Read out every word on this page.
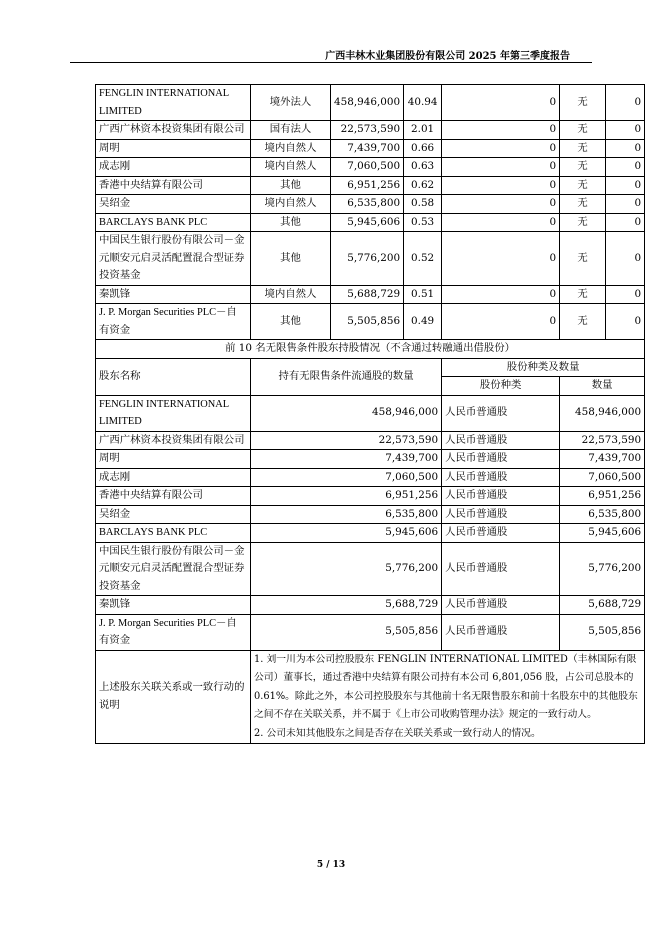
广西丰林木业集团股份有限公司 2025 年第三季度报告
FENGLIN INTERNATIONAL LIMITED	境外法人	458,946,000	40.94	0	无	0
广西广林资本投资集团有限公司	国有法人	22,573,590	2.01	0	无	0
周明	境内自然人	7,439,700	0.66	0	无	0
成志刚	境内自然人	7,060,500	0.63	0	无	0
香港中央结算有限公司	其他	6,951,256	0.62	0	无	0
吴绍金	境内自然人	6,535,800	0.58	0	无	0
BARCLAYS BANK PLC	其他	5,945,606	0.53	0	无	0
中国民生银行股份有限公司－金元顺安元启灵活配置混合型证券投资基金	其他	5,776,200	0.52	0	无	0
秦凯锋	境内自然人	5,688,729	0.51	0	无	0
J. P. Morgan Securities PLC－自有资金	其他	5,505,856	0.49	0	无	0
前 10 名无限售条件股东持股情况（不含通过转融通出借股份）						
股东名称	持有无限售条件流通股的数量			股份种类及数量		
				股份种类	数量	
FENGLIN INTERNATIONAL LIMITED	458,946,000			人民币普通股	458,946,000	
广西广林资本投资集团有限公司	22,573,590			人民币普通股	22,573,590	
周明	7,439,700			人民币普通股	7,439,700	
成志刚	7,060,500			人民币普通股	7,060,500	
香港中央结算有限公司	6,951,256			人民币普通股	6,951,256	
吴绍金	6,535,800			人民币普通股	6,535,800	
BARCLAYS BANK PLC	5,945,606			人民币普通股	5,945,606	
中国民生银行股份有限公司－金元顺安元启灵活配置混合型证券投资基金	5,776,200			人民币普通股	5,776,200	
秦凯锋	5,688,729			人民币普通股	5,688,729	
J. P. Morgan Securities PLC－自有资金	5,505,856			人民币普通股	5,505,856	
上述股东关联关系或一致行动的说明	1. 刘一川为本公司控股股东 FENGLIN INTERNATIONAL LIMITED（丰林国际有限公司）董事长，通过香港中央结算有限公司持有本公司 6,801,056 股，占公司总股本的 0.61%。除此之外，本公司控股股东与其他前十名无限售股东和前十名股东中的其他股东之间不存在关联关系，并不属于《上市公司收购管理办法》规定的一致行动人。

2. 公司未知其他股东之间是否存在关联关系或一致行动人的情况。					

5 / 13
